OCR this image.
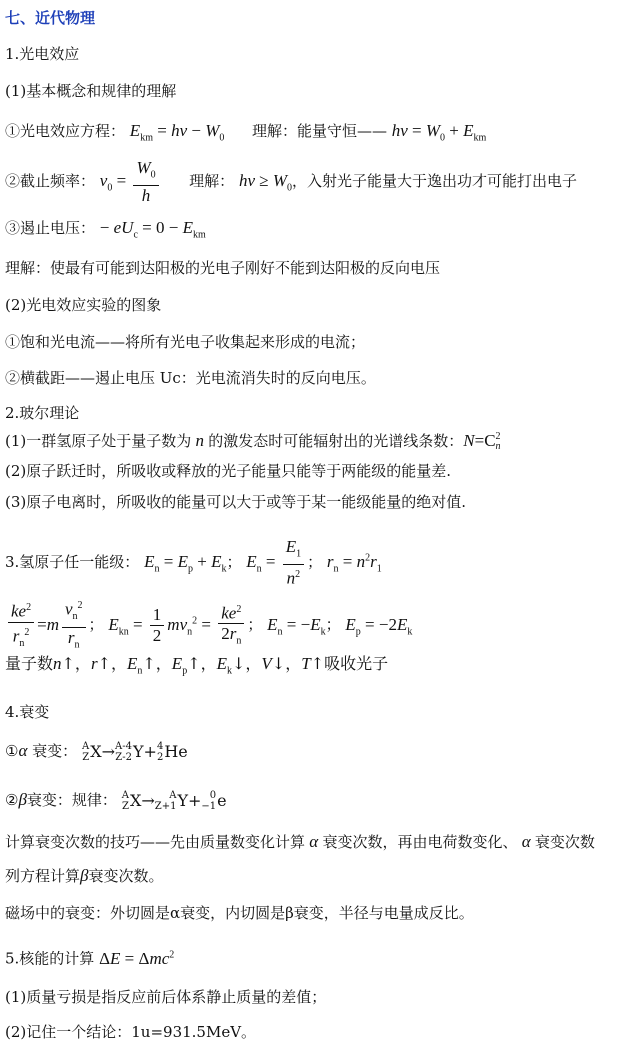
七、近代物理
1.光电效应
(1)基本概念和规律的理解
①光电效应方程： $E_{km} = h\nu - W_0$ 理解：能量守恒—— $h\nu = W_0 + E_{km}$
②截止频率： $\nu_0 = \frac{W_0}{h}$ 理解： $h\nu \ge W_0$，入射光子能量大于逸出功才可能打出电子
③遏止电压： − $eU_c = 0 - E_{km}$
理解：使最有可能到达阳极的光电子刚好不能到达阳极的反向电压
(2)光电效应实验的图象
①饱和光电流——将所有光电子收集起来形成的电流；
②横截距——遏止电压 Uc：光电流消失时的反向电压。
2.玻尔理论
(1)一群氢原子处于量子数为 n 的激发态时可能辐射出的光谱线条数：N=C 2
n
(2)原子跃迁时，所吸收或释放的光子能量只能等于两能级的能量差.
(3)原子电离时，所吸收的能量可以大于或等于某一能级能量的绝对值.
3.氢原子任一能级： $E_n = E_p + E_k$； $E_n = \frac{E_1}{n^2}$ ； $r_n = n^2r_1$
$\frac{ke^2}{r_n^2} =m \frac{v_n^2}{r_n}$ ； $E_{kn} = \frac{1}{2} mv_n^2 = \frac{ke^2}{2r_n}$ ； $E_n = -E_k$； $E_p = -2E_k$
量子数n↑，r↑，$E_n↑$，$E_p↑$，$E_k↓$，V↓，T↑吸收光子
4.衰变
①α 衰变： A
Z X → A-4
Z-2 Y+ 4
2 He
②β衰变：规律： A
Z X →	A
Z+1 Y+ 0
−1 e
计算衰变次数的技巧——先由质量数变化计算 α 衰变次数，再由电荷数变化、 α 衰变次数
列方程计算β衰变次数。
磁场中的衰变：外切圆是α衰变，内切圆是β衰变，半径与电量成反比。
5.核能的计算 ΔE = Δmc$^2$
(1)质量亏损是指反应前后体系静止质量的差值；
(2)记住一个结论：1u=931.5MeV。
